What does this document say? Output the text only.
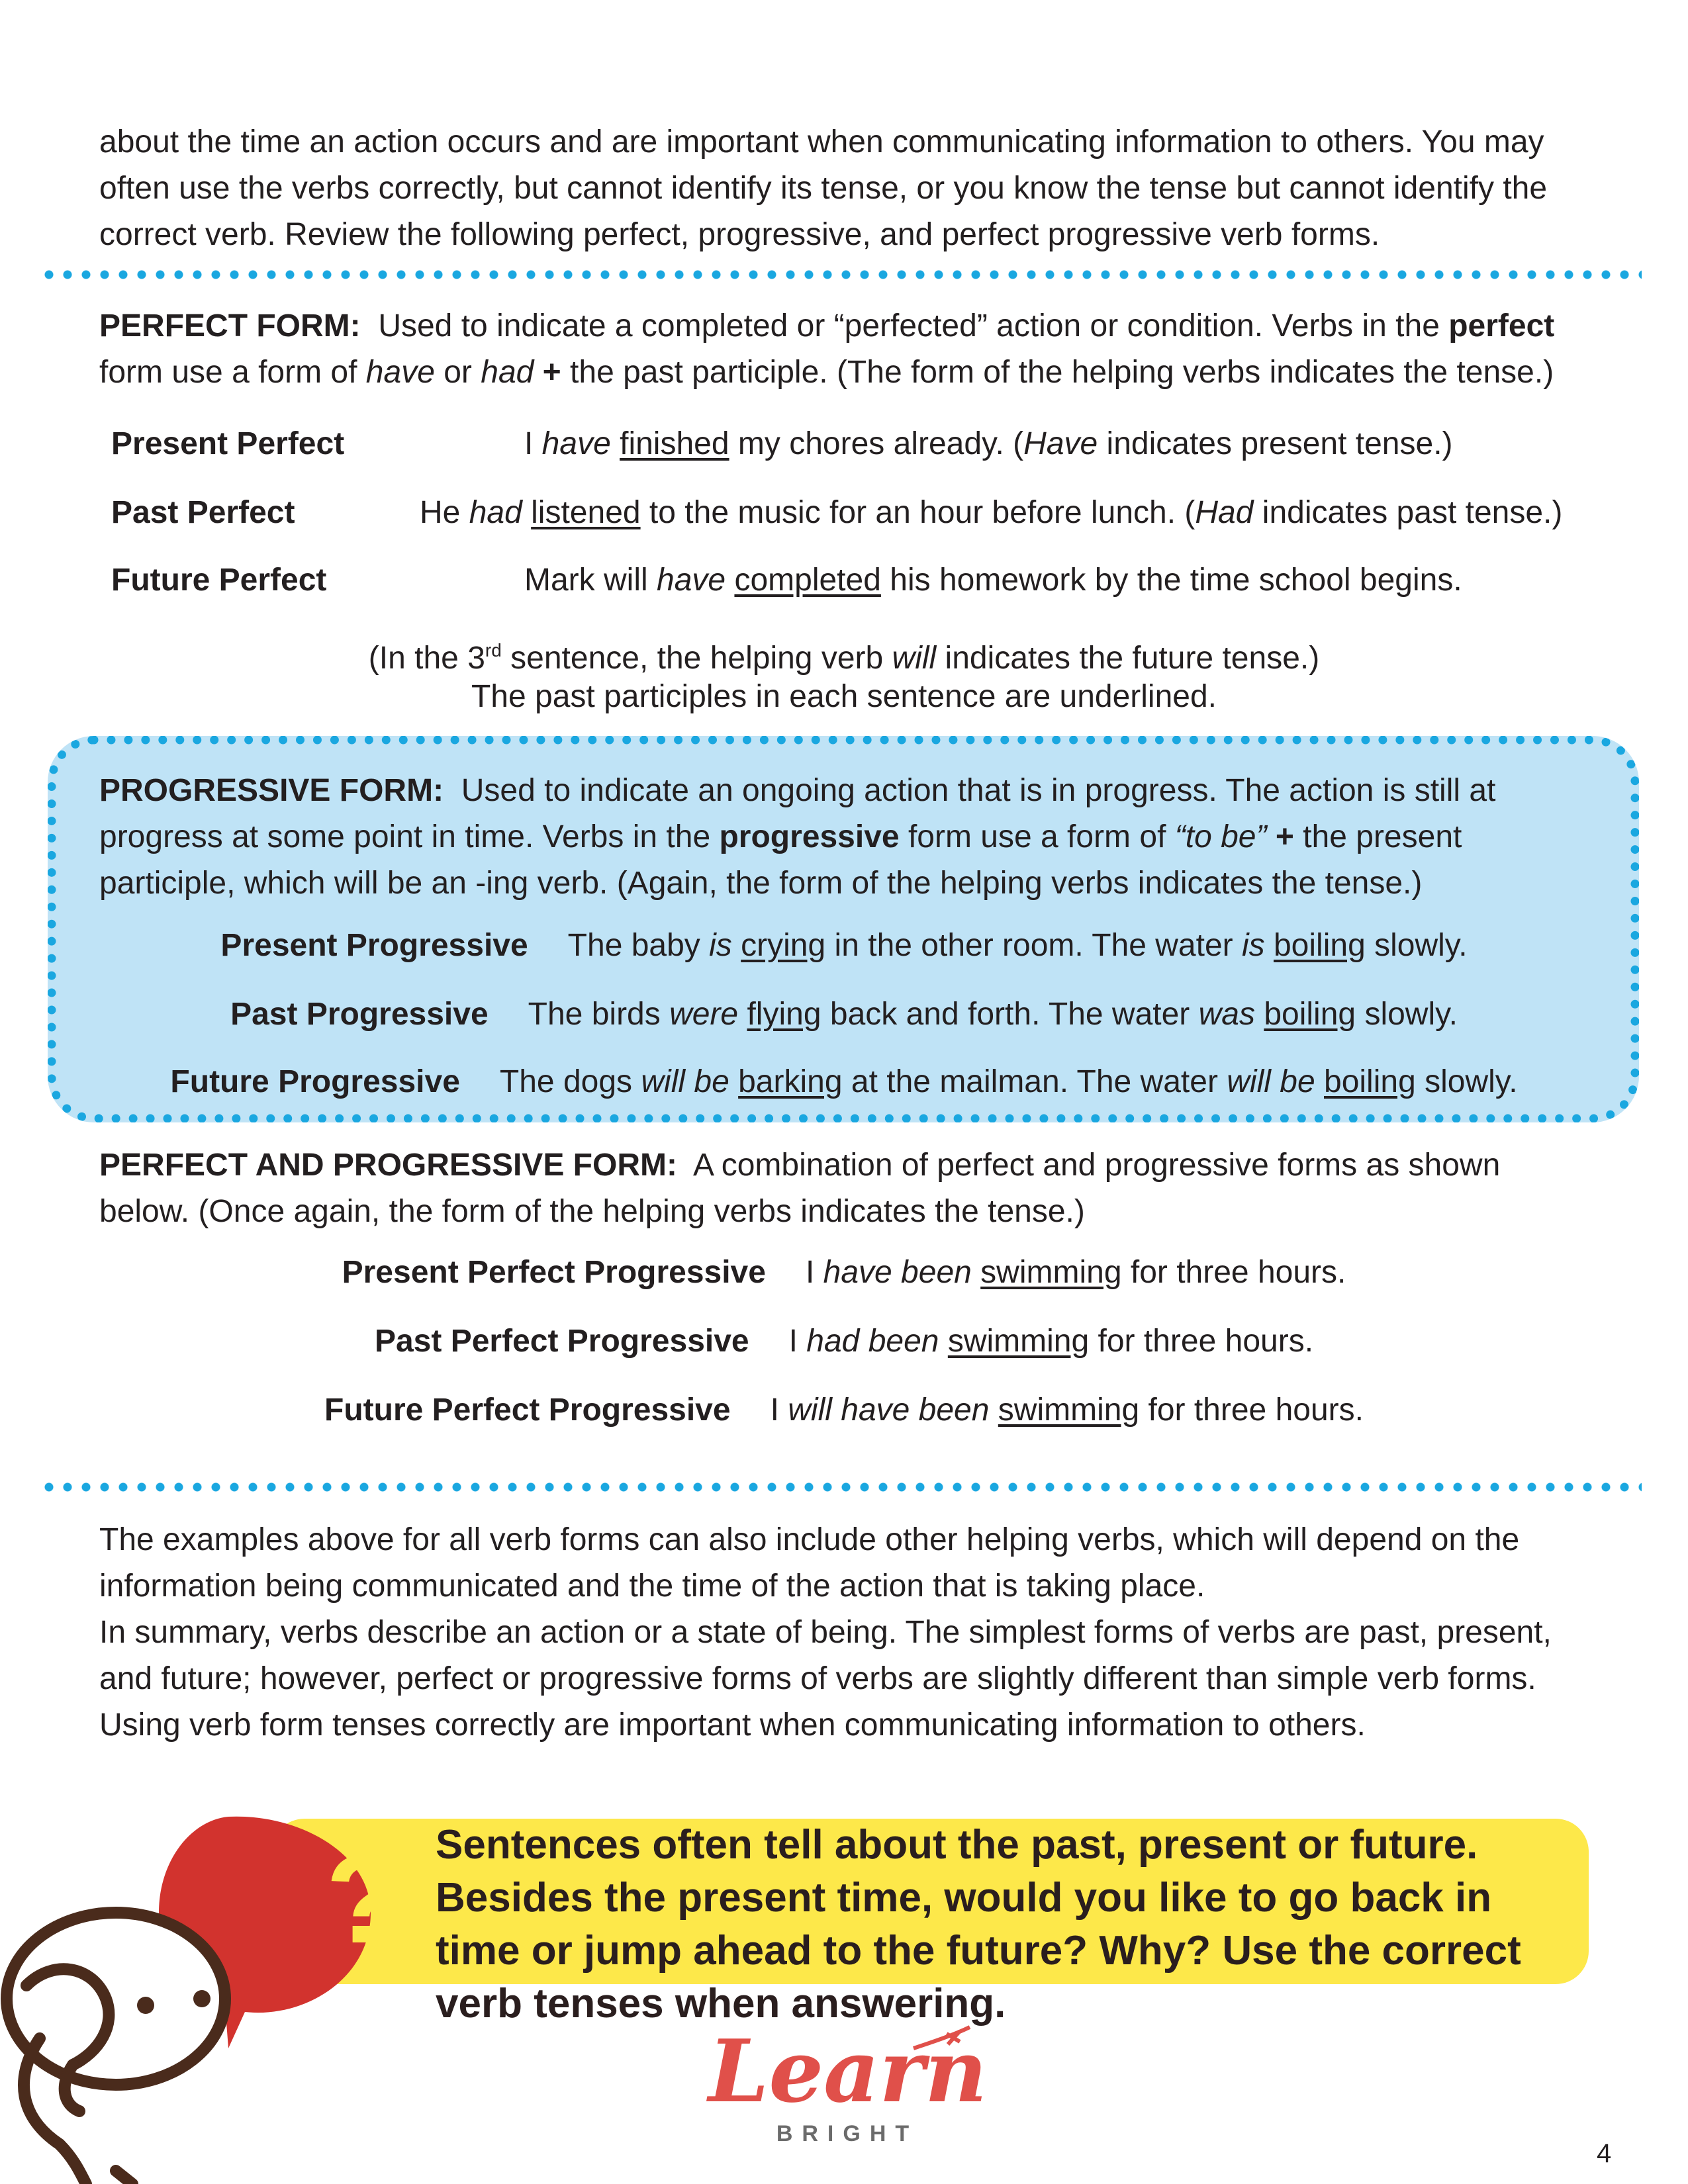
about the time an action occurs and are important when communicating information to others. You may often use the verbs correctly, but cannot identify its tense, or you know the tense but cannot identify the correct verb. Review the following perfect, progressive, and perfect progressive verb forms.

PERFECT FORM: Used to indicate a completed or “perfected” action or condition. Verbs in the perfect form use a form of have or had + the past participle. (The form of the helping verbs indicates the tense.)

Present Perfect	I have finished my chores already. (Have indicates present tense.)
Past Perfect	He had listened to the music for an hour before lunch. (Had indicates past tense.)
Future Perfect	Mark will have completed his homework by the time school begins.
(In the 3rd sentence, the helping verb will indicates the future tense.)
The past participles in each sentence are underlined.

PROGRESSIVE FORM: Used to indicate an ongoing action that is in progress. The action is still at progress at some point in time. Verbs in the progressive form use a form of “to be” + the present participle, which will be an -ing verb. (Again, the form of the helping verbs indicates the tense.)

Present Progressive The baby is crying in the other room. The water is boiling slowly.
Past Progressive The birds were flying back and forth. The water was boiling slowly.
Future Progressive The dogs will be barking at the mailman. The water will be boiling slowly.

PERFECT AND PROGRESSIVE FORM: A combination of perfect and progressive forms as shown below. (Once again, the form of the helping verbs indicates the tense.)

Present Perfect Progressive I have been swimming for three hours.
Past Perfect Progressive I had been swimming for three hours.
Future Perfect Progressive I will have been swimming for three hours.

The examples above for all verb forms can also include other helping verbs, which will depend on the information being communicated and the time of the action that is taking place.

In summary, verbs describe an action or a state of being. The simplest forms of verbs are past, present, and future; however, perfect or progressive forms of verbs are slightly different than simple verb forms. Using verb form tenses correctly are important when communicating information to others.

? Sentences often tell about the past, present or future. Besides the present time, would you like to go back in time or jump ahead to the future? Why? Use the correct verb tenses when answering.
Learn
BRIGHT
4
